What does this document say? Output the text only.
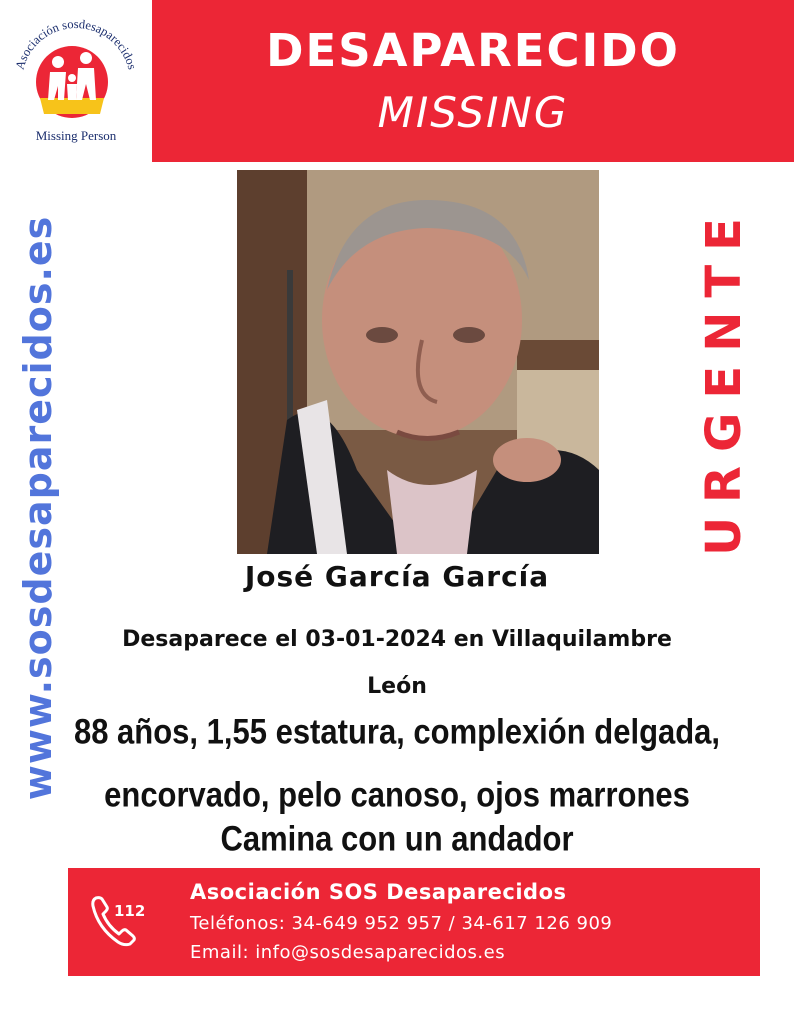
Asociación sosdesaparecidos
Missing Person
DESAPARECIDO
MISSING
www.sosdesaparecidos.es	URGENTE
José García García
Desaparece el 03-01-2024 en Villaquilambre
León
88 años, 1,55 estatura, complexión delgada,
encorvado, pelo canoso, ojos marrones
Camina con un andador
112
Asociación SOS Desaparecidos
Teléfonos: 34-649 952 957 / 34-617 126 909
Email: info@sosdesaparecidos.es
